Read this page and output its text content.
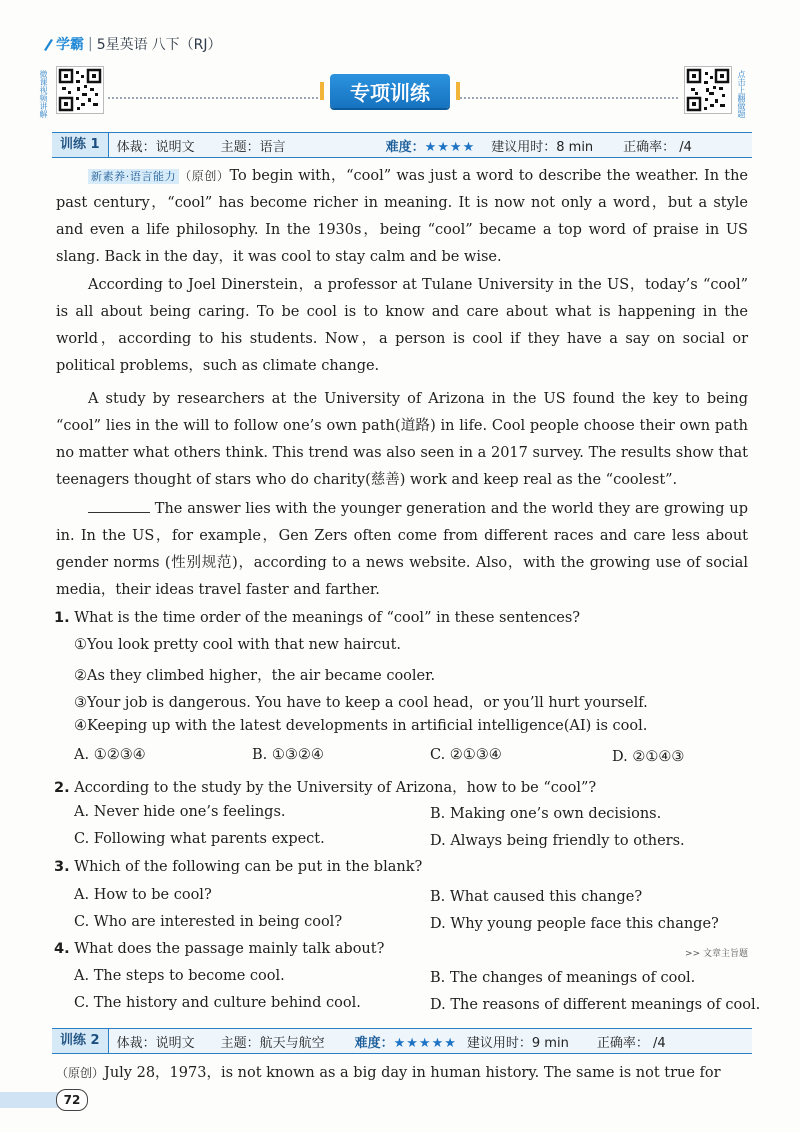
学霸 | 5星英语 八下（RJ）
微课视频讲解	点击上翻做题
专项训练
训练 1	体裁：说明文 主题：语言	难度：★★★★ 建议用时：8 min 正确率： /4
新素养·语言能力 （原创）To begin with，“cool” was just a word to describe the weather. In the past century，“cool” has become richer in meaning. It is now not only a word，but a style and even a life philosophy. In the 1930s，being “cool” became a top word of praise in US slang. Back in the day，it was cool to stay calm and be wise.
According to Joel Dinerstein，a professor at Tulane University in the US，today’s “cool” is all about being caring. To be cool is to know and care about what is happening in the world，according to his students. Now，a person is cool if they have a say on social or political problems，such as climate change.
A study by researchers at the University of Arizona in the US found the key to being “cool” lies in the will to follow one’s own path(道路) in life. Cool people choose their own path no matter what others think. This trend was also seen in a 2017 survey. The results show that teenagers thought of stars who do charity(慈善) work and keep real as the “coolest”.
The answer lies with the younger generation and the world they are growing up in. In the US，for example，Gen Zers often come from different races and care less about gender norms (性别规范)，according to a news website. Also，with the growing use of social media，their ideas travel faster and farther.
1. What is the time order of the meanings of “cool” in these sentences?
①You look pretty cool with that new haircut.
②As they climbed higher，the air became cooler.
③Your job is dangerous. You have to keep a cool head，or you’ll hurt yourself.
④Keeping up with the latest developments in artificial intelligence(AI) is cool.
A. ①②③④	B. ①③②④	C. ②①③④	D. ②①④③
2. According to the study by the University of Arizona，how to be “cool”?
A. Never hide one’s feelings.	B. Making one’s own decisions.
C. Following what parents expect.	D. Always being friendly to others.
3. Which of the following can be put in the blank?
A. How to be cool?	B. What caused this change?
C. Who are interested in being cool?	D. Why young people face this change?
4. What does the passage mainly talk about?	>> 文章主旨题
A. The steps to become cool.	B. The changes of meanings of cool.
C. The history and culture behind cool.	D. The reasons of different meanings of cool.
训练 2	体裁：说明文 主题：航天与航空 难度：★★★★★ 建议用时：9 min 正确率： /4
（原创）July 28，1973，is not known as a big day in human history. The same is not true for
72
